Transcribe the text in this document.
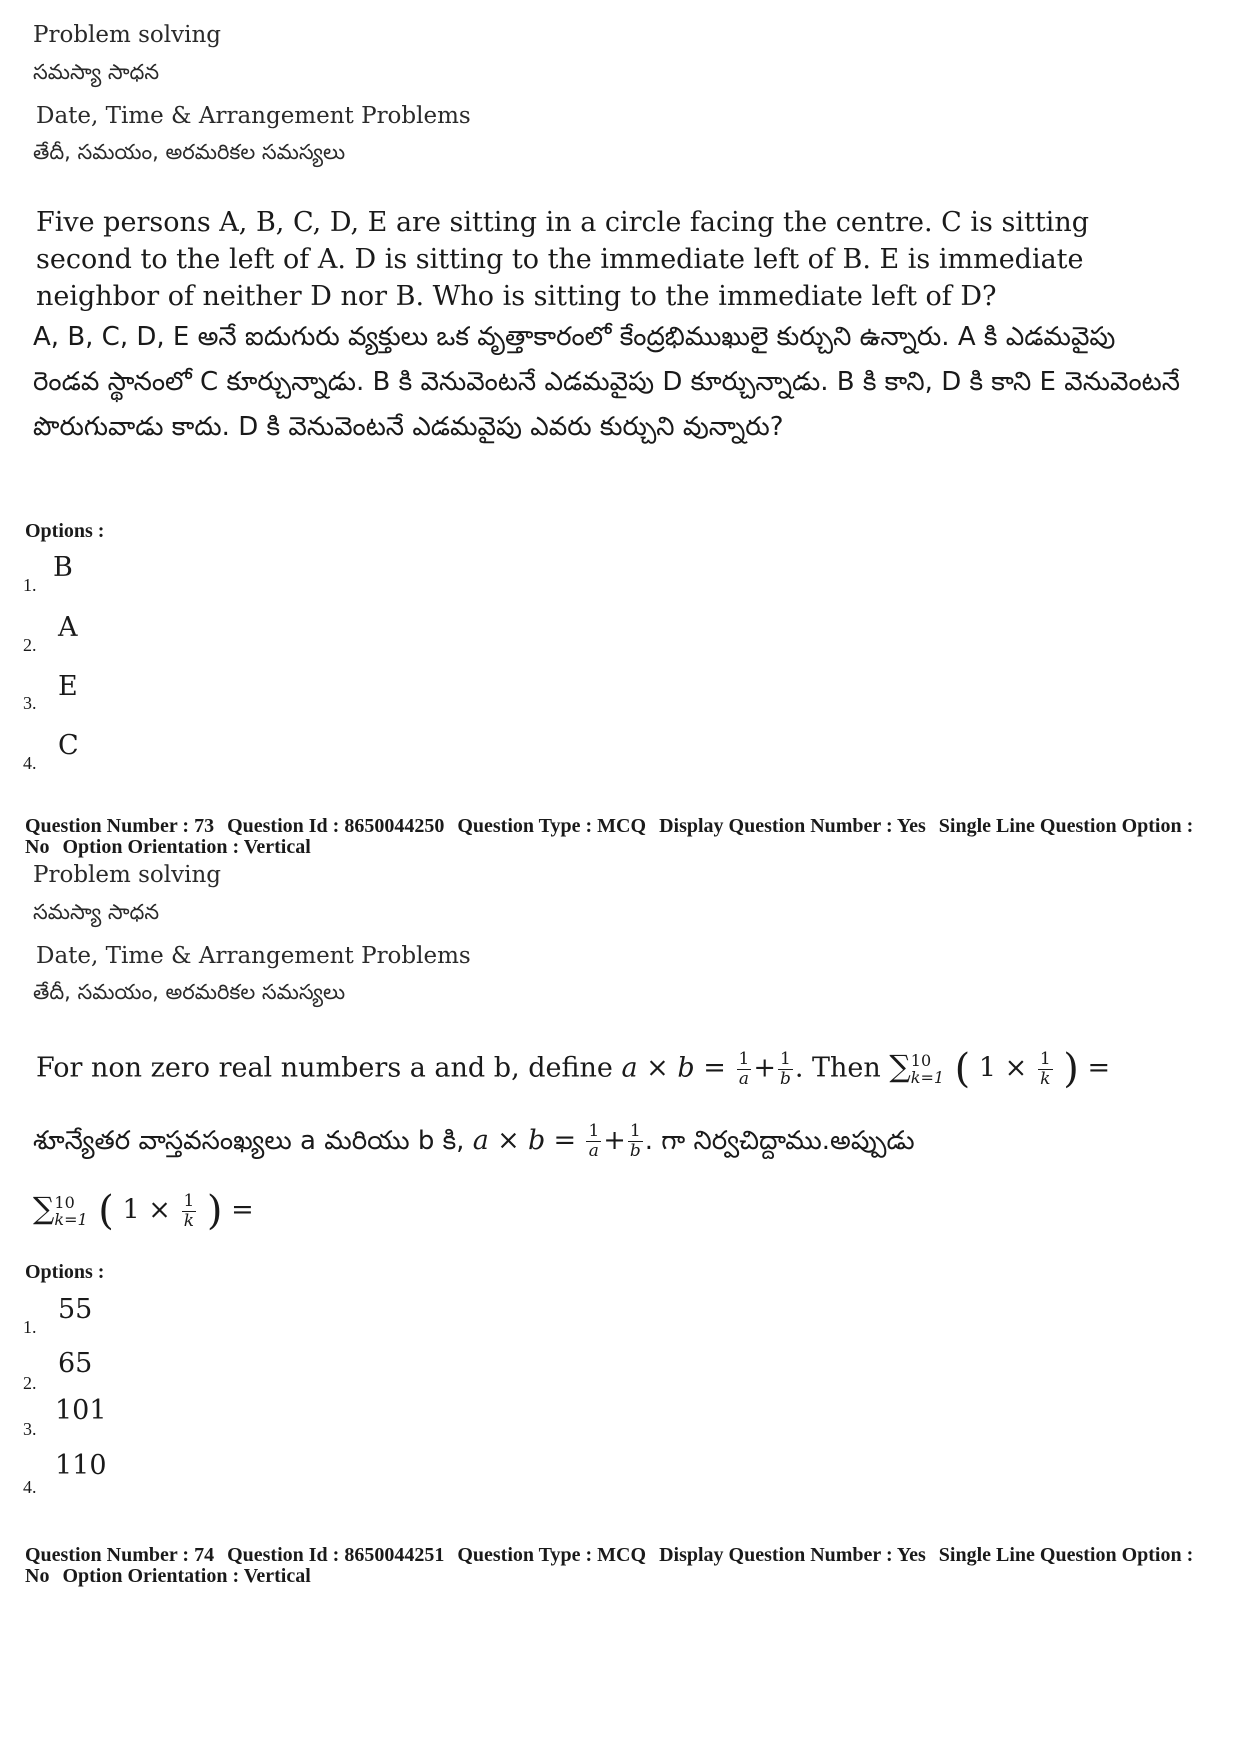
Problem solving
సమస్యా సాధన
Date, Time & Arrangement Problems
తేదీ, సమయం, అరమరికల సమస్యలు
Five persons A, B, C, D, E are sitting in a circle facing the centre. C is sitting second to the left of A. D is sitting to the immediate left of B. E is immediate neighbor of neither D nor B. Who is sitting to the immediate left of D?
A, B, C, D, E అనే ఐదుగురు వ్యక్తులు ఒక వృత్తాకారంలో కేంద్రభిముఖులై కుర్చుని ఉన్నారు. A కి ఎడమవైపు రెండవ స్థానంలో C కూర్చున్నాడు. B కి వెనువెంటనే ఎడమవైపు D కూర్చున్నాడు. B కి కాని, D కి కాని E వెనువెంటనే పొరుగువాడు కాదు. D కి వెనువెంటనే ఎడమవైపు ఎవరు కుర్చుని వున్నారు?
Options :
1.
B
2.
A
3.
E
4.
C
Question Number : 73 Question Id : 8650044250 Question Type : MCQ Display Question Number : Yes Single Line Question Option : No Option Orientation : Vertical
Problem solving
సమస్యా సాధన
Date, Time & Arrangement Problems
తేదీ, సమయం, అరమరికల సమస్యలు
For non zero real numbers a and b, define $a \times b = \frac{1}{a} + \frac{1}{b}$ . Then ∑ 10
k=1 ( $1 \times \frac{1}{k}$ ) =
శూన్యేతర వాస్తవసంఖ్యలు a మరియు b కి, $a \times b = \frac{1}{a} + \frac{1}{b}$ . గా నిర్వచిద్దాము.అప్పుడు
∑ 10
k=1 ( $1 \times \frac{1}{k}$ ) =
Options :
1.
55
2.
65
3.
101
4.
110
Question Number : 74 Question Id : 8650044251 Question Type : MCQ Display Question Number : Yes Single Line Question Option : No Option Orientation : Vertical
